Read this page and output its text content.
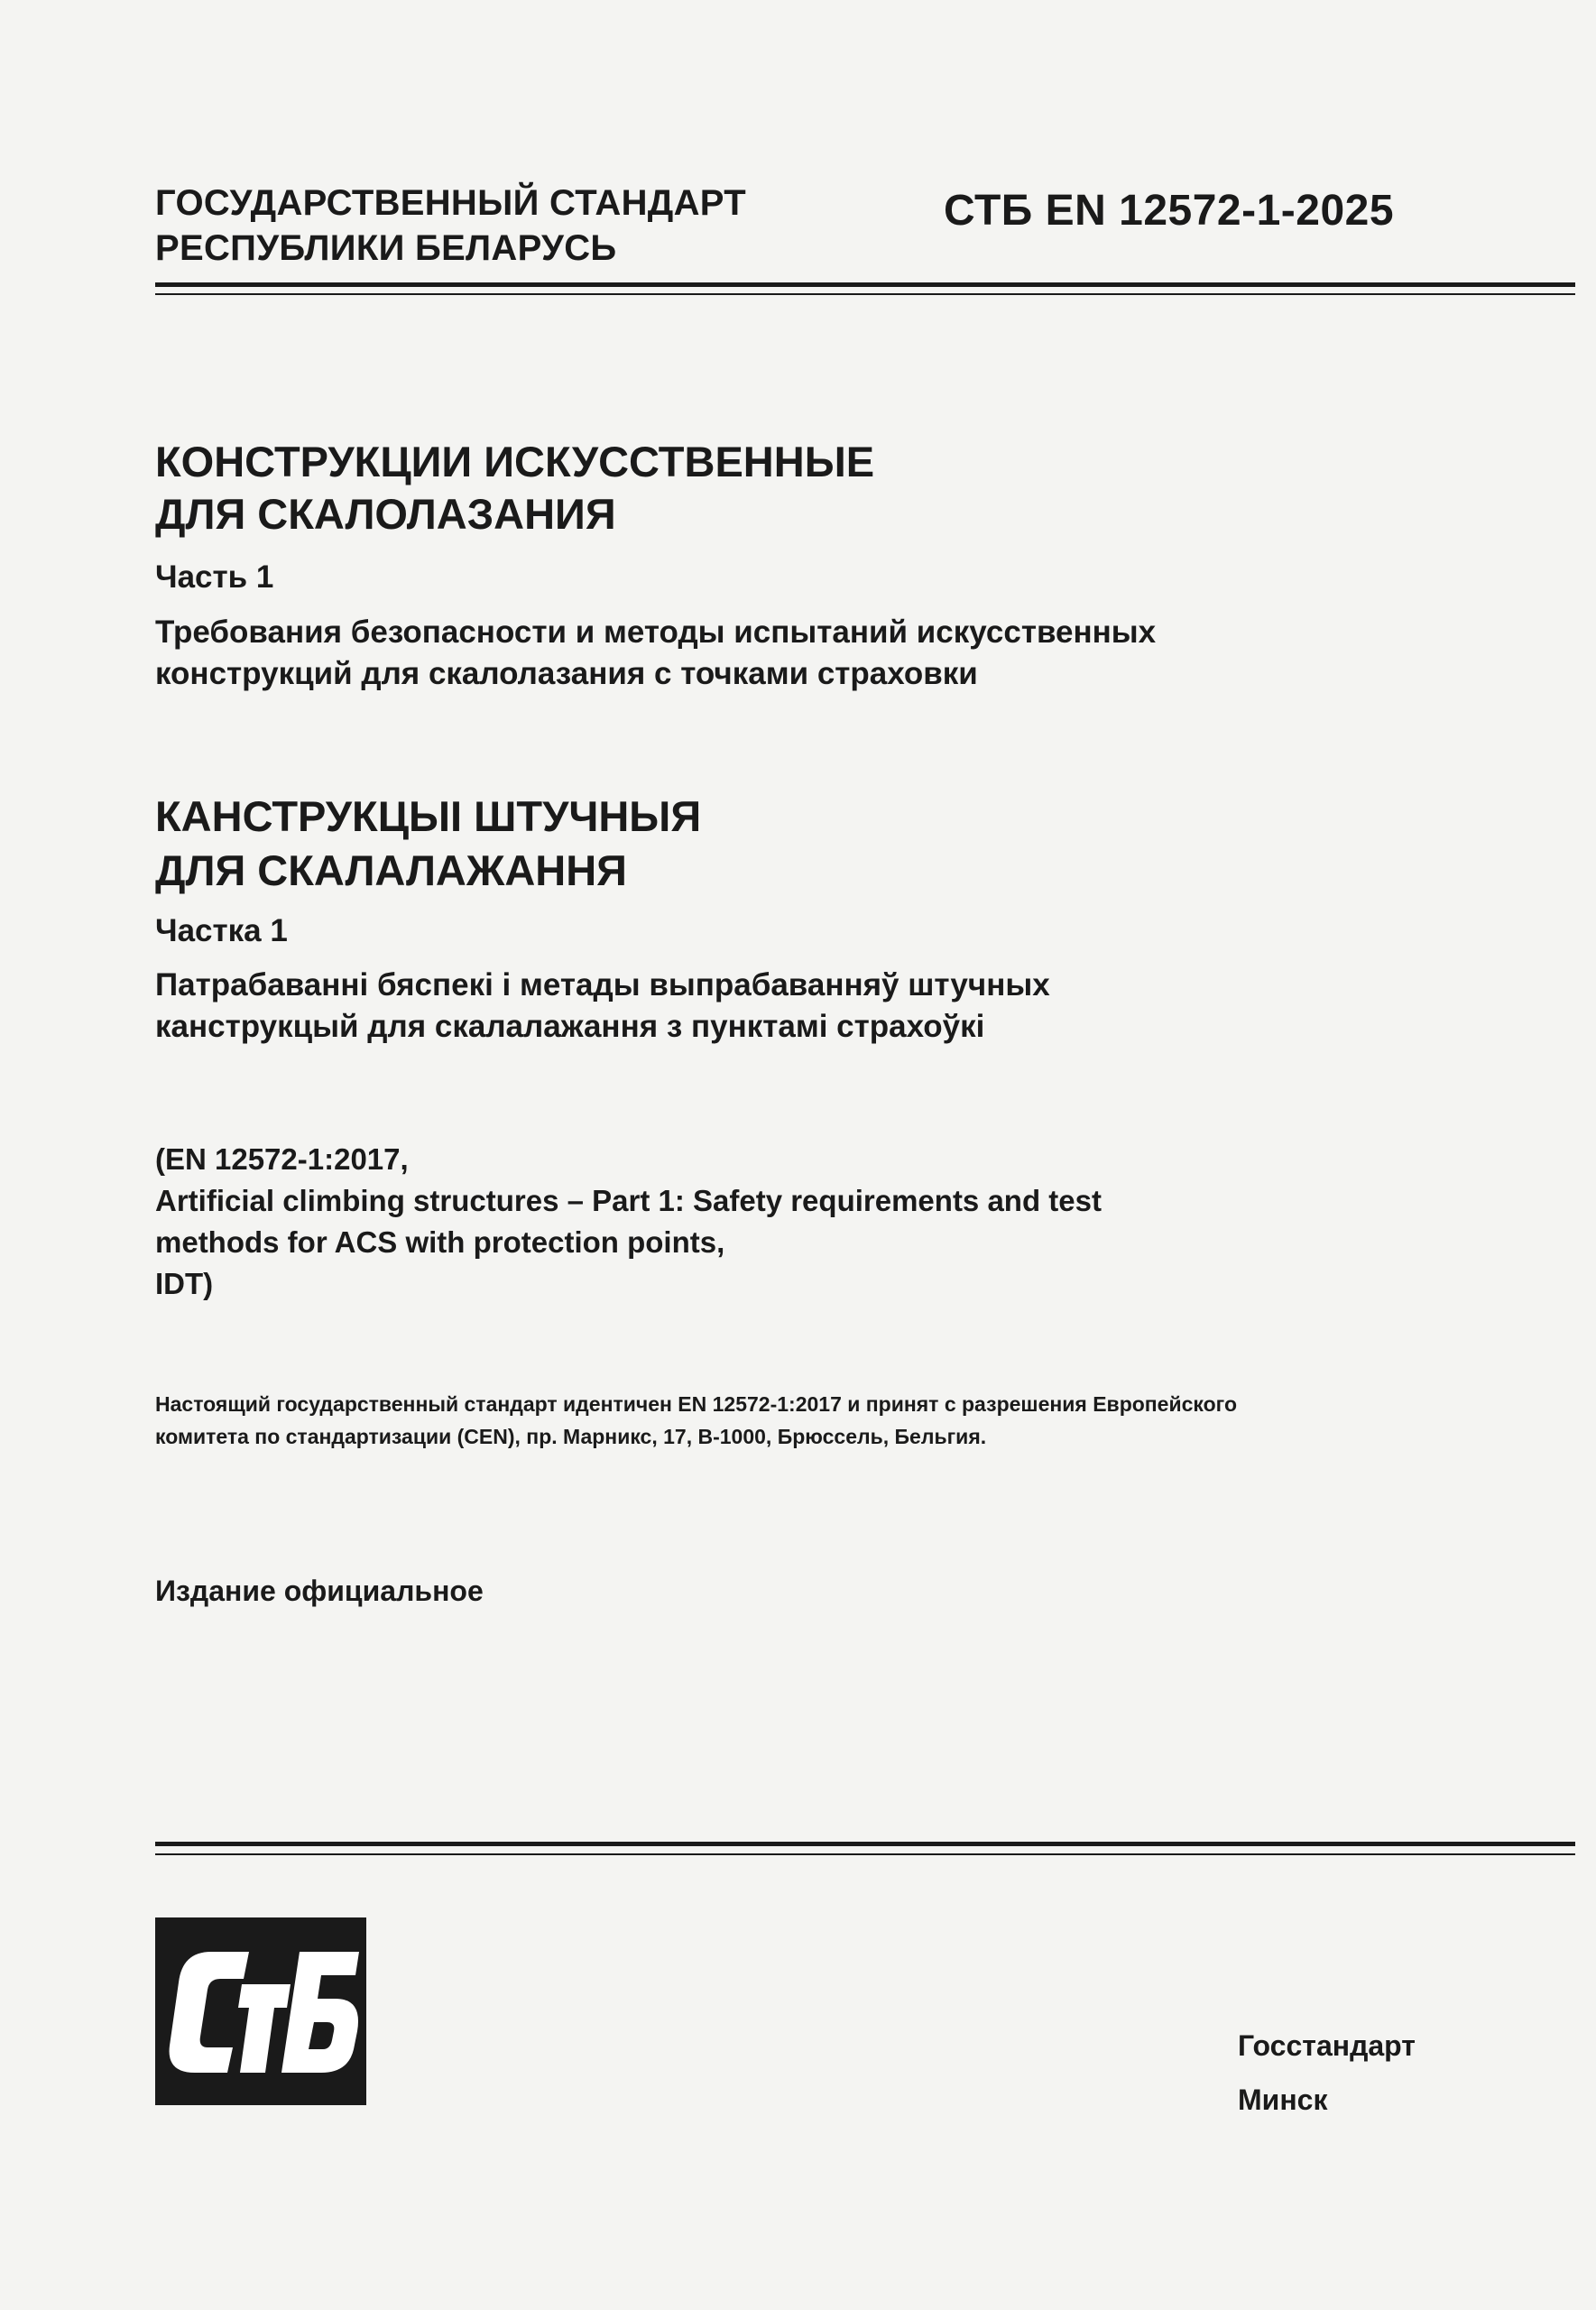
ГОСУДАРСТВЕННЫЙ СТАНДАРТ
РЕСПУБЛИКИ БЕЛАРУСЬ
СТБ EN 12572-1-2025
КОНСТРУКЦИИ ИСКУССТВЕННЫЕ
ДЛЯ СКАЛОЛАЗАНИЯ
Часть 1
Требования безопасности и методы испытаний искусственных
конструкций для скалолазания с точками страховки
КАНСТРУКЦЫІ ШТУЧНЫЯ
ДЛЯ СКАЛАЛАЖАННЯ
Частка 1
Патрабаванні бяспекі і метады выпрабаванняў штучных
канструкцый для скалалажання з пунктамі страхоўкі
(EN 12572-1:2017,
Artificial climbing structures – Part 1: Safety requirements and test
methods for ACS with protection points,
IDT)
Настоящий государственный стандарт идентичен EN 12572-1:2017 и принят с разрешения Европейского
комитета по стандартизации (CEN), пр. Марникс, 17, B-1000, Брюссель, Бельгия.
Издание официальное
Госстандарт
Минск
